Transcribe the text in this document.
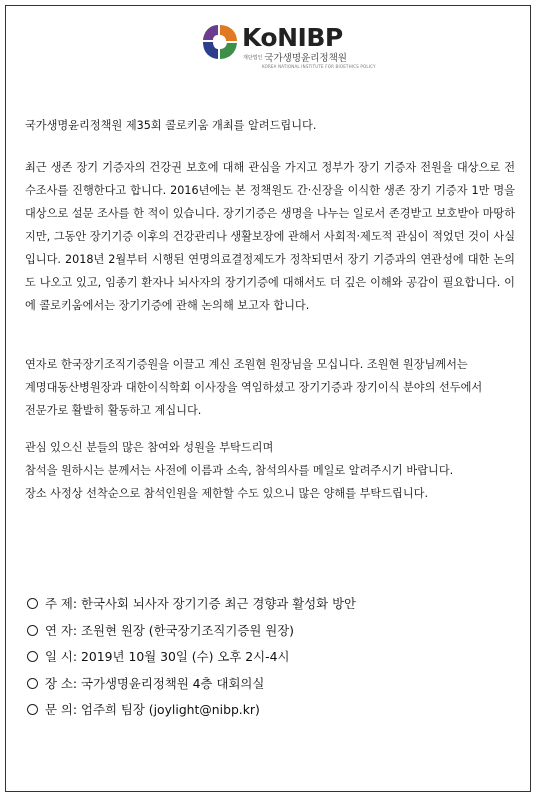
KoNIBP
재단법인 국가생명윤리정책원
KOREA NATIONAL INSTITUTE FOR BIOETHICS POLICY

국가생명윤리정책원 제35회 콜로키움 개최를 알려드립니다.

최근 생존 장기 기증자의 건강권 보호에 대해 관심을 가지고 정부가 장기 기증자 전원을 대상으로 전수조사를 진행한다고 합니다. 2016년에는 본 정책원도 간·신장을 이식한 생존 장기 기증자 1만 명을 대상으로 설문 조사를 한 적이 있습니다. 장기기증은 생명을 나누는 일로서 존경받고 보호받아 마땅하지만, 그동안 장기기증 이후의 건강관리나 생활보장에 관해서 사회적·제도적 관심이 적었던 것이 사실입니다. 2018년 2월부터 시행된 연명의료결정제도가 정착되면서 장기 기증과의 연관성에 대한 논의도 나오고 있고, 임종기 환자나 뇌사자의 장기기증에 대해서도 더 깊은 이해와 공감이 필요합니다. 이에 콜로키움에서는 장기기증에 관해 논의해 보고자 합니다.

연자로 한국장기조직기증원을 이끌고 계신 조원현 원장님을 모십니다. 조원현 원장님께서는
계명대동산병원장과 대한이식학회 이사장을 역임하셨고 장기기증과 장기이식 분야의 선두에서
전문가로 활발히 활동하고 계십니다.
관심 있으신 분들의 많은 참여와 성원을 부탁드리며
참석을 원하시는 분께서는 사전에 이름과 소속, 참석의사를 메일로 알려주시기 바랍니다.
장소 사정상 선착순으로 참석인원을 제한할 수도 있으니 많은 양해를 부탁드립니다.
주 제: 한국사회 뇌사자 장기기증 최근 경향과 활성화 방안
연 자: 조원현 원장 (한국장기조직기증원 원장)
일 시: 2019년 10월 30일 (수) 오후 2시-4시
장 소: 국가생명윤리정책원 4층 대회의실
문 의: 엄주희 팀장 (joylight@nibp.kr)
